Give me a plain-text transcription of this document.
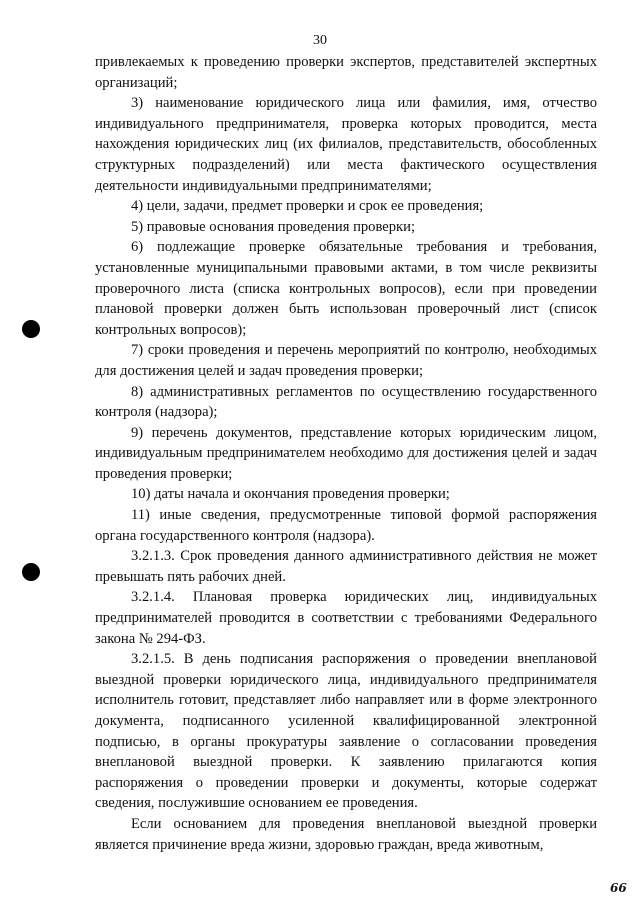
30

привлекаемых к проведению проверки экспертов, представителей экспертных организаций;

3) наименование юридического лица или фамилия, имя, отчество индивидуального предпринимателя, проверка которых проводится, места нахождения юридических лиц (их филиалов, представительств, обособленных структурных подразделений) или места фактического осуществления деятельности индивидуальными предпринимателями;

4) цели, задачи, предмет проверки и срок ее проведения;

5) правовые основания проведения проверки;

6) подлежащие проверке обязательные требования и требования, установленные муниципальными правовыми актами, в том числе реквизиты проверочного листа (списка контрольных вопросов), если при проведении плановой проверки должен быть использован проверочный лист (список контрольных вопросов);

7) сроки проведения и перечень мероприятий по контролю, необходимых для достижения целей и задач проведения проверки;

8) административных регламентов по осуществлению государственного контроля (надзора);

9) перечень документов, представление которых юридическим лицом, индивидуальным предпринимателем необходимо для достижения целей и задач проведения проверки;

10) даты начала и окончания проведения проверки;

11) иные сведения, предусмотренные типовой формой распоряжения органа государственного контроля (надзора).

3.2.1.3. Срок проведения данного административного действия не может превышать пять рабочих дней.

3.2.1.4. Плановая проверка юридических лиц, индивидуальных предпринимателей проводится в соответствии с требованиями Федерального закона № 294-ФЗ.

3.2.1.5. В день подписания распоряжения о проведении внеплановой выездной проверки юридического лица, индивидуального предпринимателя исполнитель готовит, представляет либо направляет или в форме электронного документа, подписанного усиленной квалифицированной электронной подписью, в органы прокуратуры заявление о согласовании проведения внеплановой выездной проверки. К заявлению прилагаются копия распоряжения о проведении проверки и документы, которые содержат сведения, послужившие основанием ее проведения.

Если основанием для проведения внеплановой выездной проверки является причинение вреда жизни, здоровью граждан, вреда животным,

66
